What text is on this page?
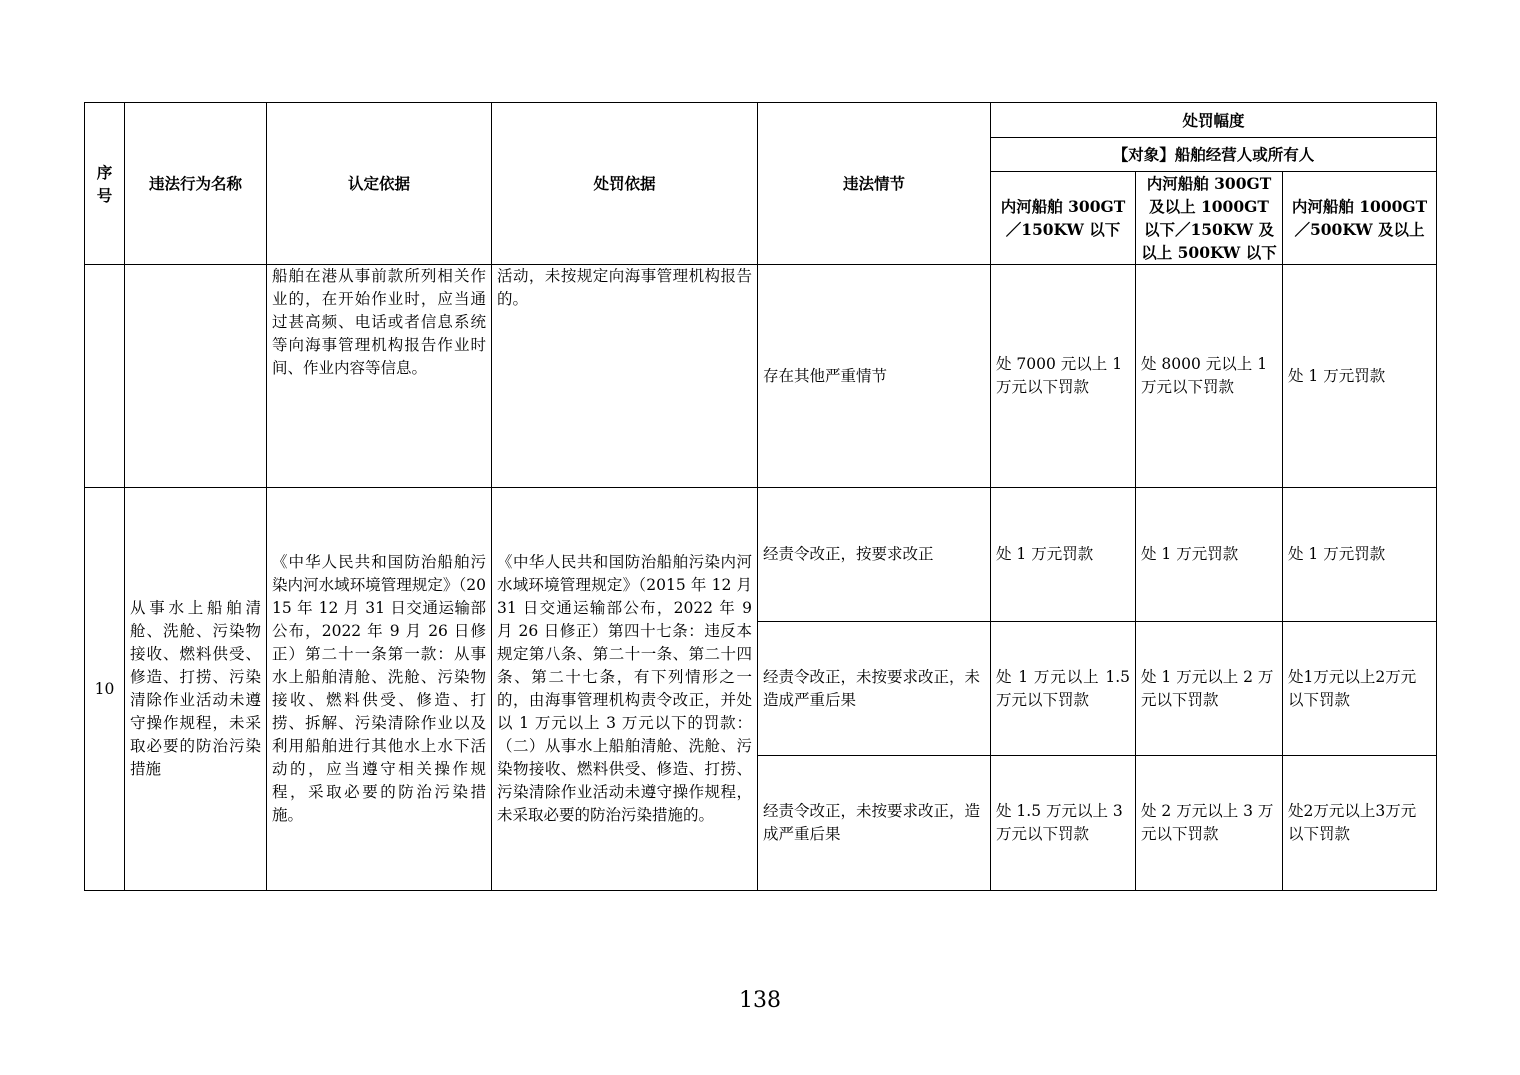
序号	违法行为名称	认定依据	处罚依据	违法情节	处罚幅度		
					【对象】船舶经营人或所有人		
					内河船舶 300GT／150KW 以下	内河船舶 300GT 及以上 1000GT 以下／150KW 及以上 500KW 以下	内河船舶 1000GT／500KW 及以上
		船舶在港从事前款所列相关作业的，在开始作业时，应当通过甚高频、电话或者信息系统等向海事管理机构报告作业时间、作业内容等信息。	活动，未按规定向海事管理机构报告的。	存在其他严重情节	处 7000 元以上 1 万元以下罚款	处 8000 元以上 1 万元以下罚款	处 1 万元罚款
10	从事水上船舶清舱、洗舱、污染物接收、燃料供受、修造、打捞、污染清除作业活动未遵守操作规程，未采取必要的防治污染措施	《中华人民共和国防治船舶污染内河水域环境管理规定》（2015 年 12 月 31 日交通运输部公布，2022 年 9 月 26 日修正）第二十一条第一款：从事水上船舶清舱、洗舱、污染物接收、燃料供受、修造、打捞、拆解、污染清除作业以及利用船舶进行其他水上水下活动的，应当遵守相关操作规程，采取必要的防治污染措施。	《中华人民共和国防治船舶污染内河水域环境管理规定》（2015 年 12 月 31 日交通运输部公布，2022 年 9 月 26 日修正）第四十七条：违反本规定第八条、第二十一条、第二十四条、第二十七条，有下列情形之一的，由海事管理机构责令改正，并处以 1 万元以上 3 万元以下的罚款：（二）从事水上船舶清舱、洗舱、污染物接收、燃料供受、修造、打捞、污染清除作业活动未遵守操作规程，未采取必要的防治污染措施的。	经责令改正，按要求改正	处 1 万元罚款	处 1 万元罚款	处 1 万元罚款
				经责令改正，未按要求改正，未造成严重后果	处 1 万元以上 1.5 万元以下罚款	处 1 万元以上 2 万元以下罚款	处1万元以上2万元以下罚款
				经责令改正，未按要求改正，造成严重后果	处 1.5 万元以上 3 万元以下罚款	处 2 万元以上 3 万元以下罚款	处2万元以上3万元以下罚款
138
